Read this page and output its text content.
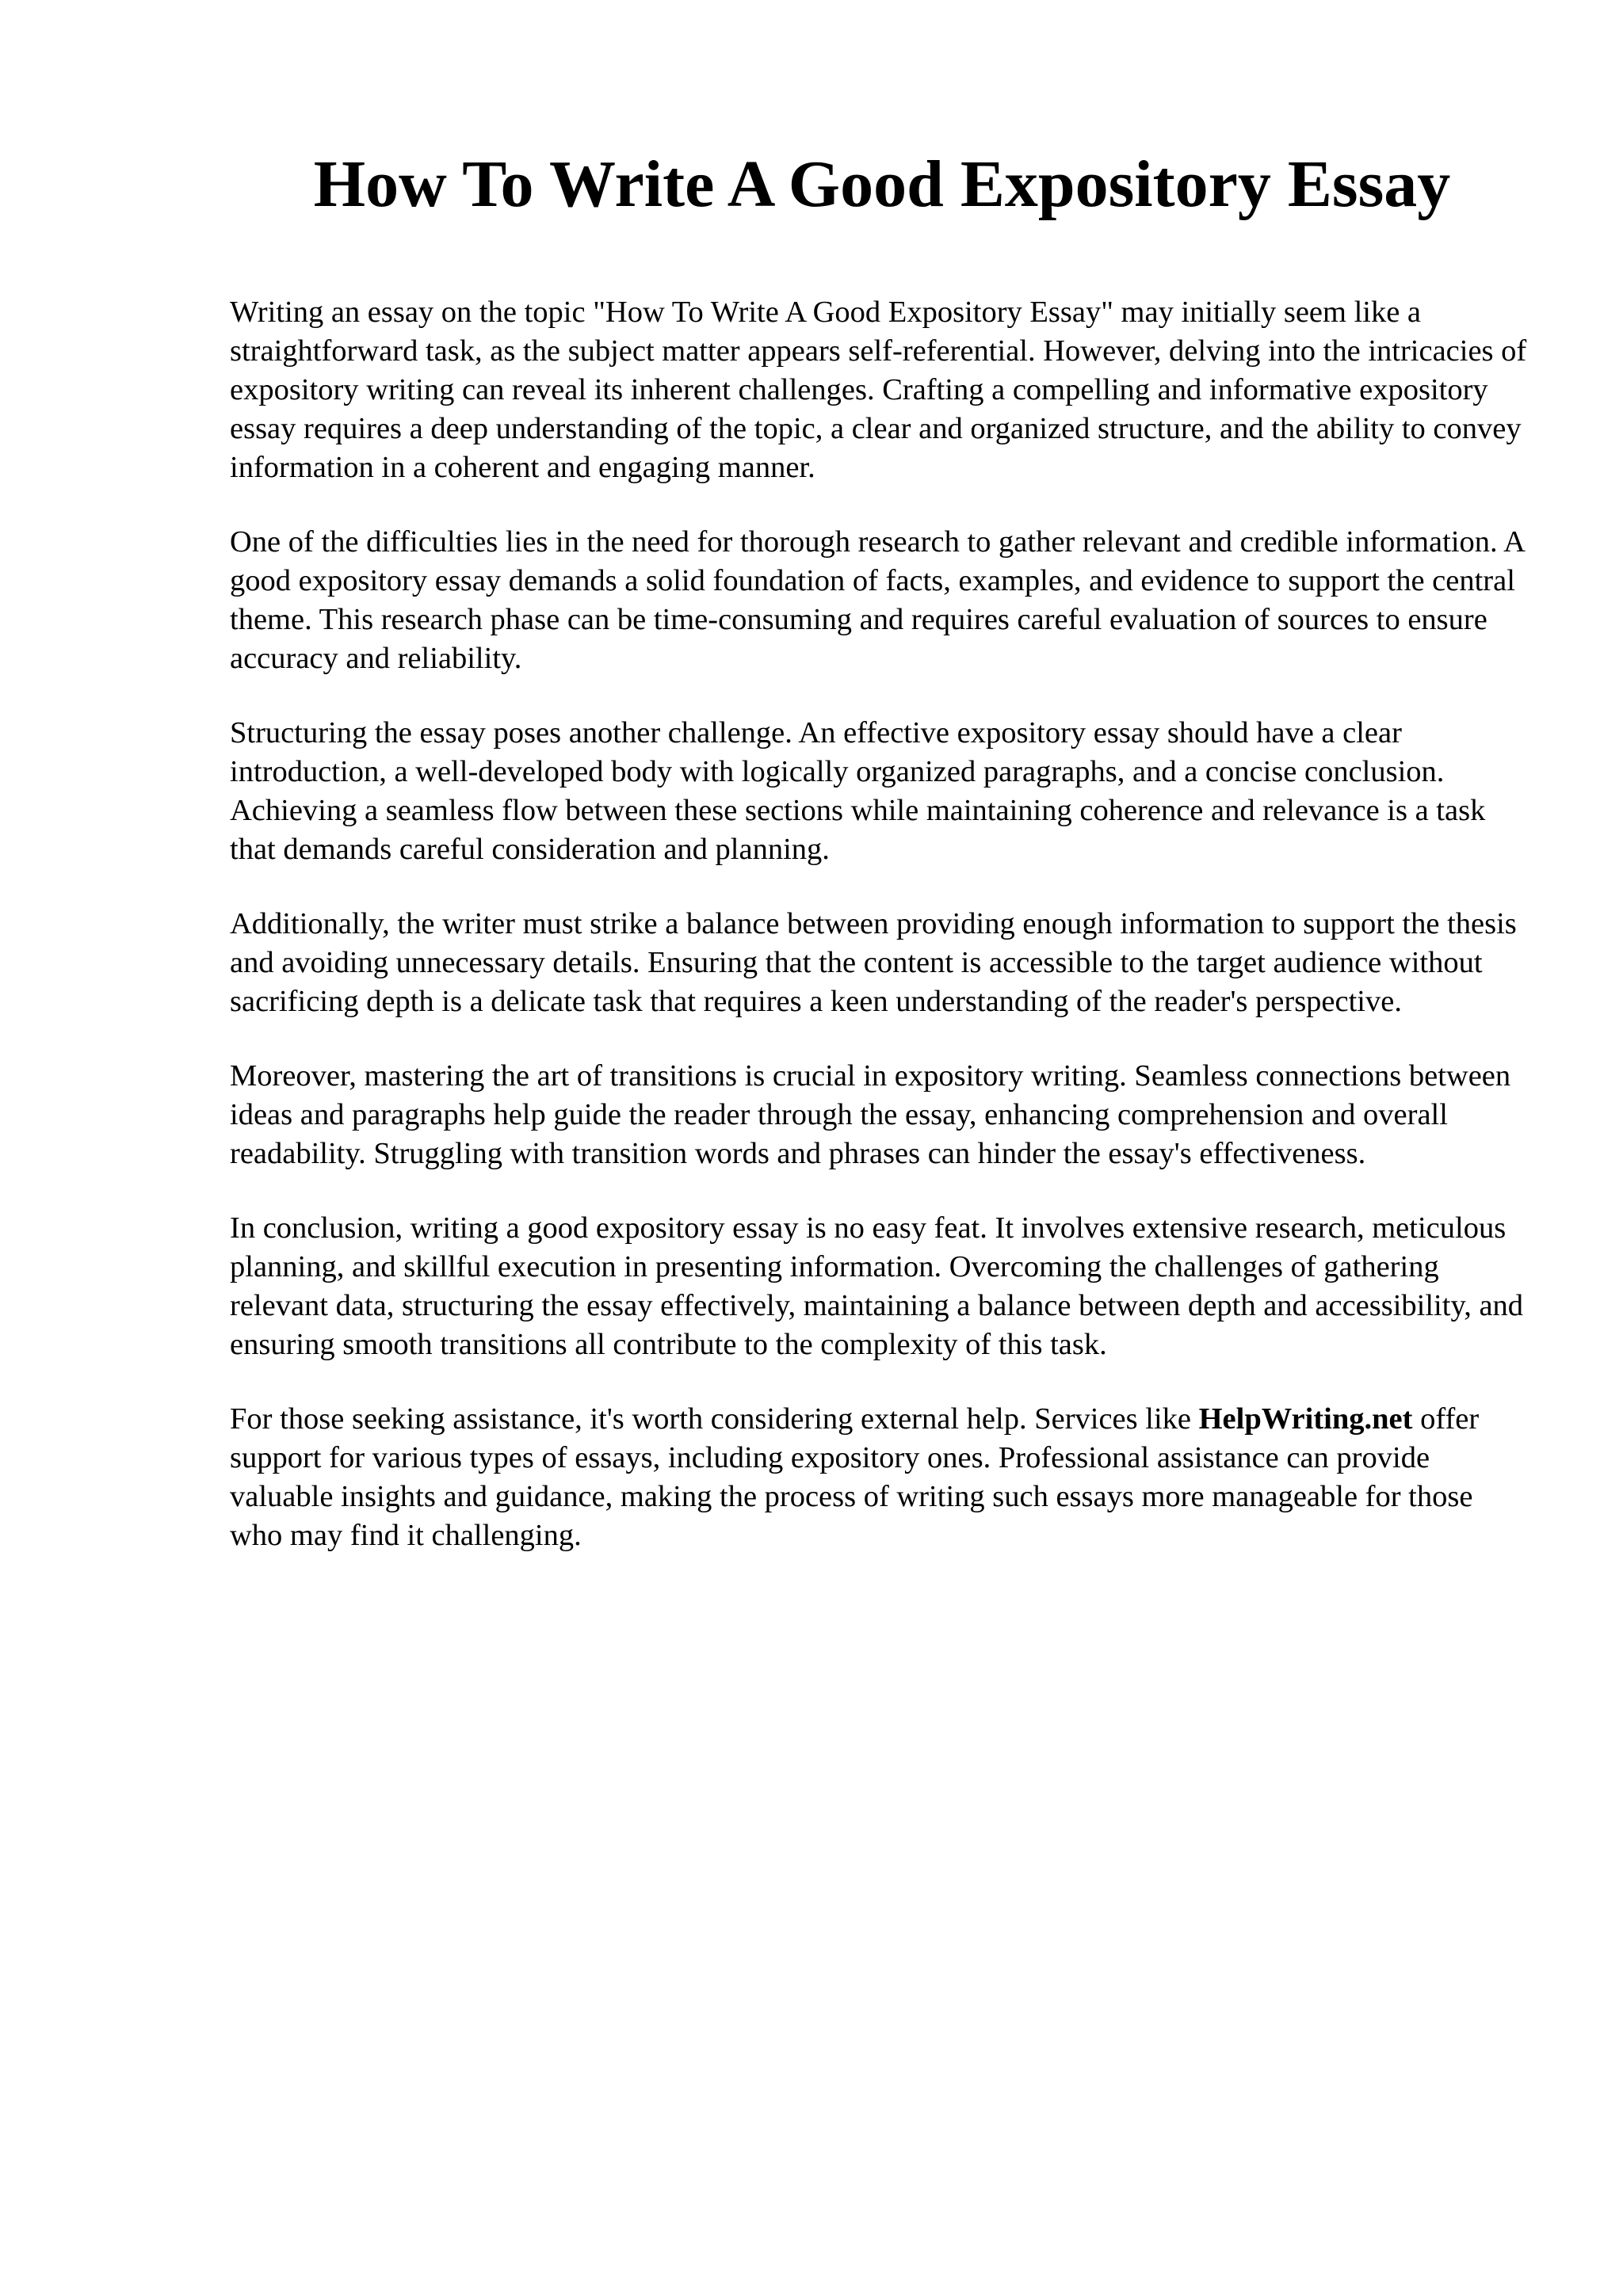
How To Write A Good Expository Essay

Writing an essay on the topic "How To Write A Good Expository Essay" may initially seem like a straightforward task, as the subject matter appears self-referential. However, delving into the intricacies of expository writing can reveal its inherent challenges. Crafting a compelling and informative expository essay requires a deep understanding of the topic, a clear and organized structure, and the ability to convey information in a coherent and engaging manner.

One of the difficulties lies in the need for thorough research to gather relevant and credible information. A good expository essay demands a solid foundation of facts, examples, and evidence to support the central theme. This research phase can be time-consuming and requires careful evaluation of sources to ensure accuracy and reliability.

Structuring the essay poses another challenge. An effective expository essay should have a clear introduction, a well-developed body with logically organized paragraphs, and a concise conclusion. Achieving a seamless flow between these sections while maintaining coherence and relevance is a task that demands careful consideration and planning.

Additionally, the writer must strike a balance between providing enough information to support the thesis and avoiding unnecessary details. Ensuring that the content is accessible to the target audience without sacrificing depth is a delicate task that requires a keen understanding of the reader's perspective.

Moreover, mastering the art of transitions is crucial in expository writing. Seamless connections between ideas and paragraphs help guide the reader through the essay, enhancing comprehension and overall readability. Struggling with transition words and phrases can hinder the essay's effectiveness.

In conclusion, writing a good expository essay is no easy feat. It involves extensive research, meticulous planning, and skillful execution in presenting information. Overcoming the challenges of gathering relevant data, structuring the essay effectively, maintaining a balance between depth and accessibility, and ensuring smooth transitions all contribute to the complexity of this task.

For those seeking assistance, it's worth considering external help. Services like HelpWriting.net offer support for various types of essays, including expository ones. Professional assistance can provide valuable insights and guidance, making the process of writing such essays more manageable for those who may find it challenging.
